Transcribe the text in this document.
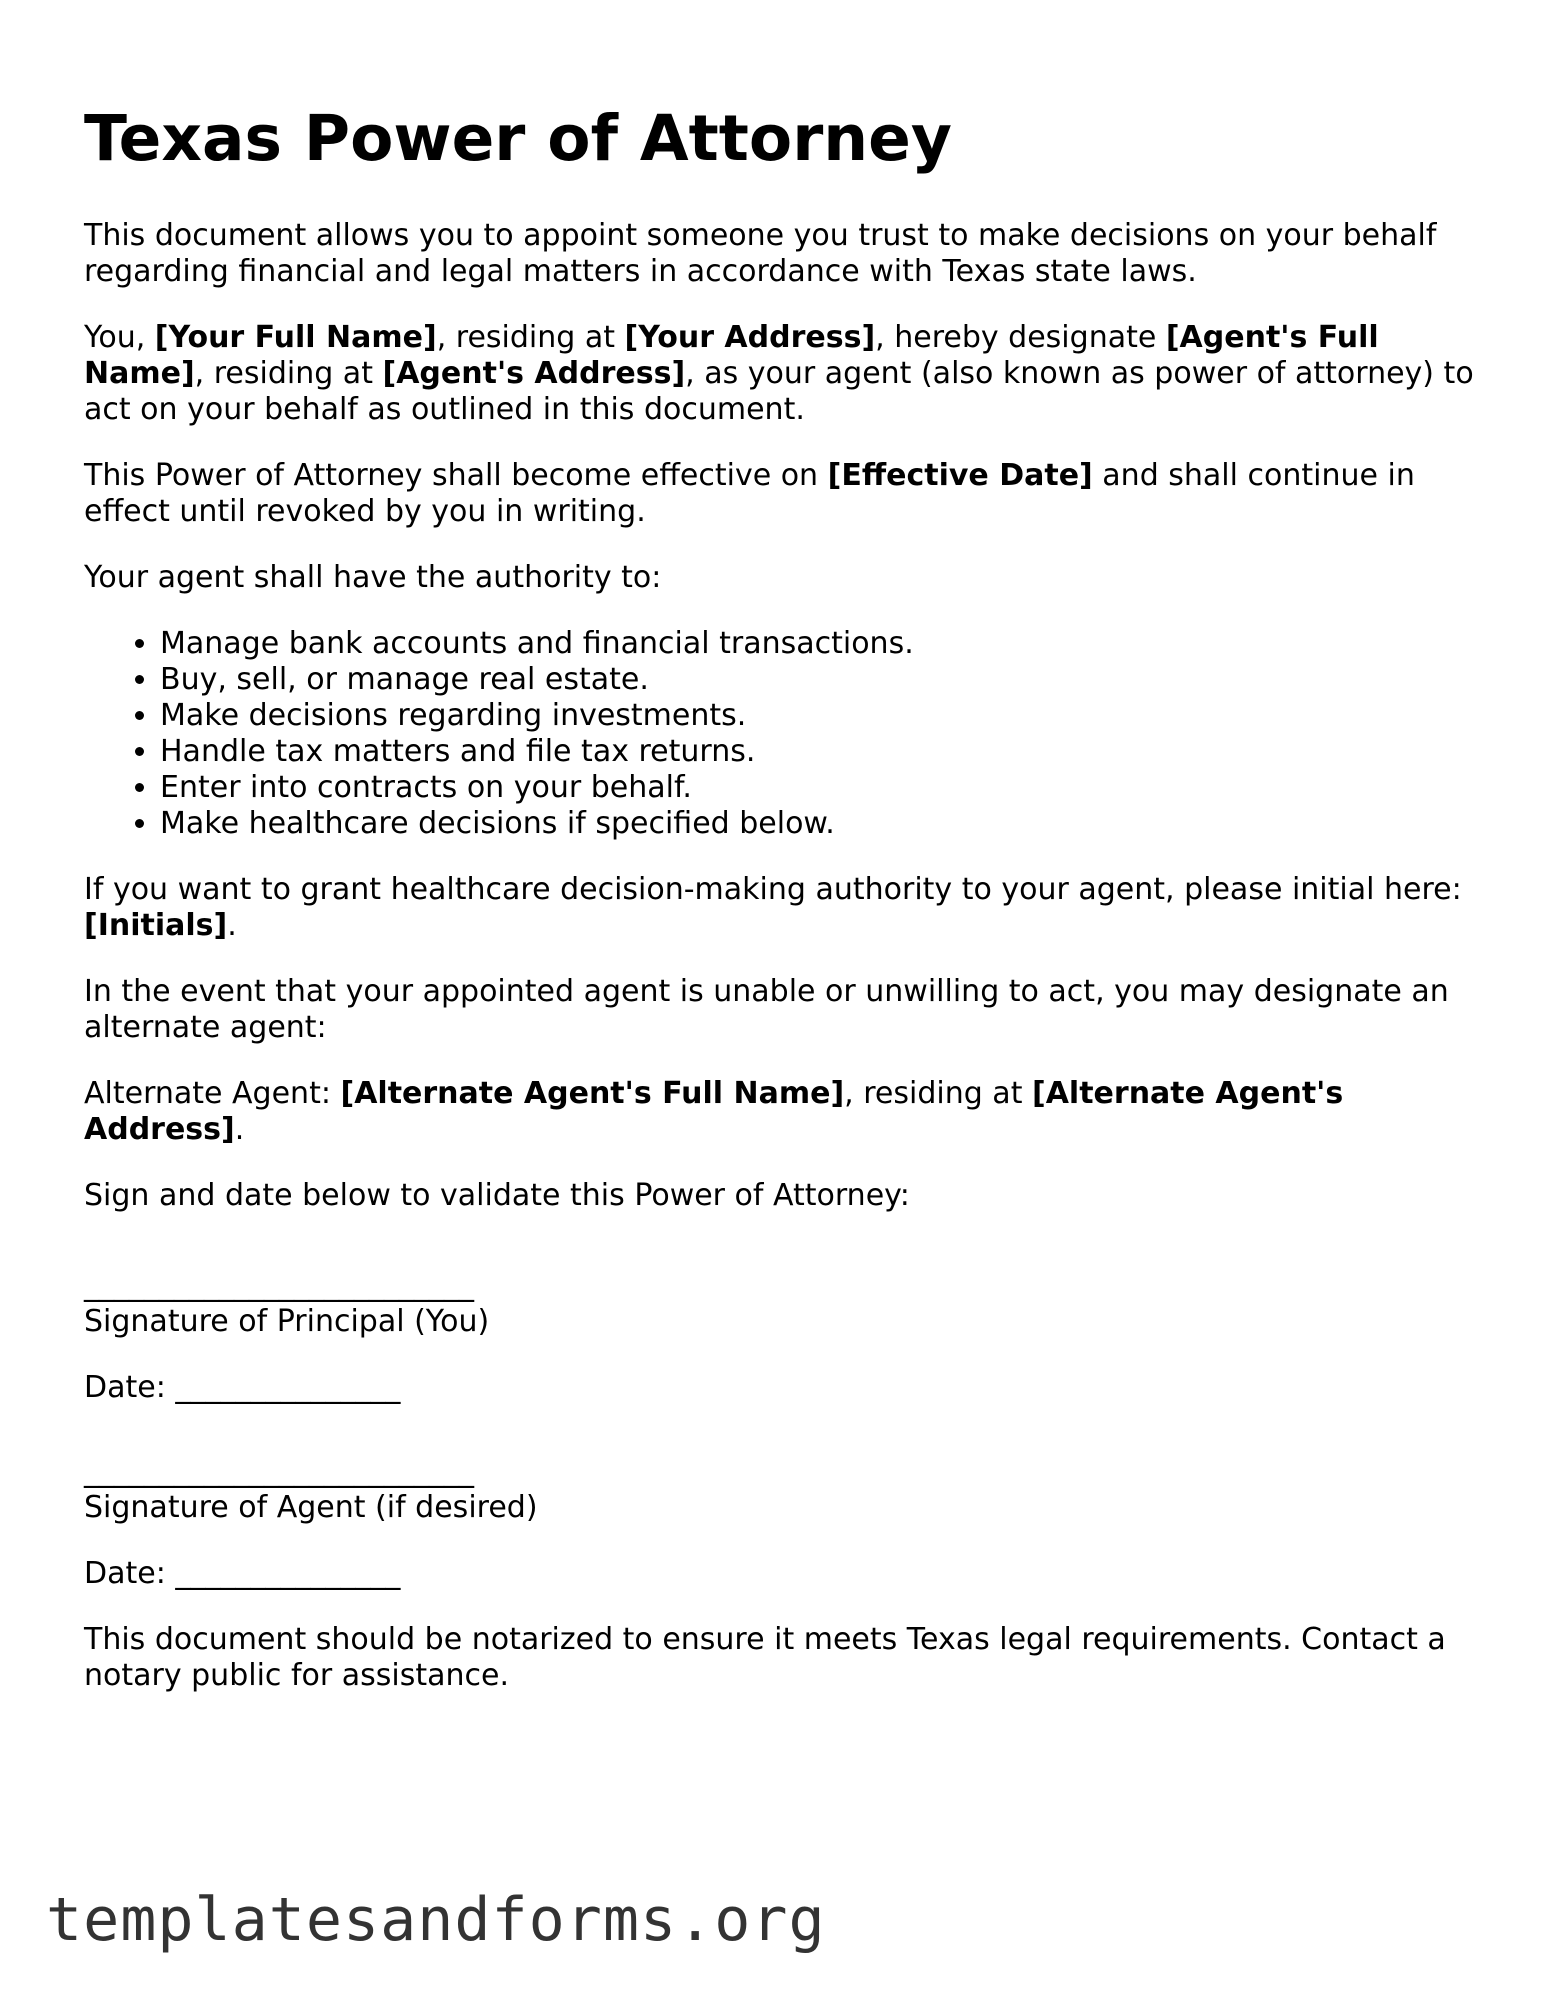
Texas Power of Attorney

This document allows you to appoint someone you trust to make decisions on your behalf regarding financial and legal matters in accordance with Texas state laws.

You, [Your Full Name], residing at [Your Address], hereby designate [Agent's Full Name], residing at [Agent's Address], as your agent (also known as power of attorney) to act on your behalf as outlined in this document.

This Power of Attorney shall become effective on [Effective Date] and shall continue in effect until revoked by you in writing.

Your agent shall have the authority to:

• Manage bank accounts and financial transactions.
• Buy, sell, or manage real estate.
• Make decisions regarding investments.
• Handle tax matters and file tax returns.
• Enter into contracts on your behalf.
• Make healthcare decisions if specified below.

If you want to grant healthcare decision-making authority to your agent, please initial here: [Initials].

In the event that your appointed agent is unable or unwilling to act, you may designate an alternate agent:

Alternate Agent: [Alternate Agent's Full Name], residing at [Alternate Agent's Address].

Sign and date below to validate this Power of Attorney:

__________________________
Signature of Principal (You)
Date: _______________
__________________________
Signature of Agent (if desired)
Date: _______________

This document should be notarized to ensure it meets Texas legal requirements. Contact a notary public for assistance.

templatesandforms.org
